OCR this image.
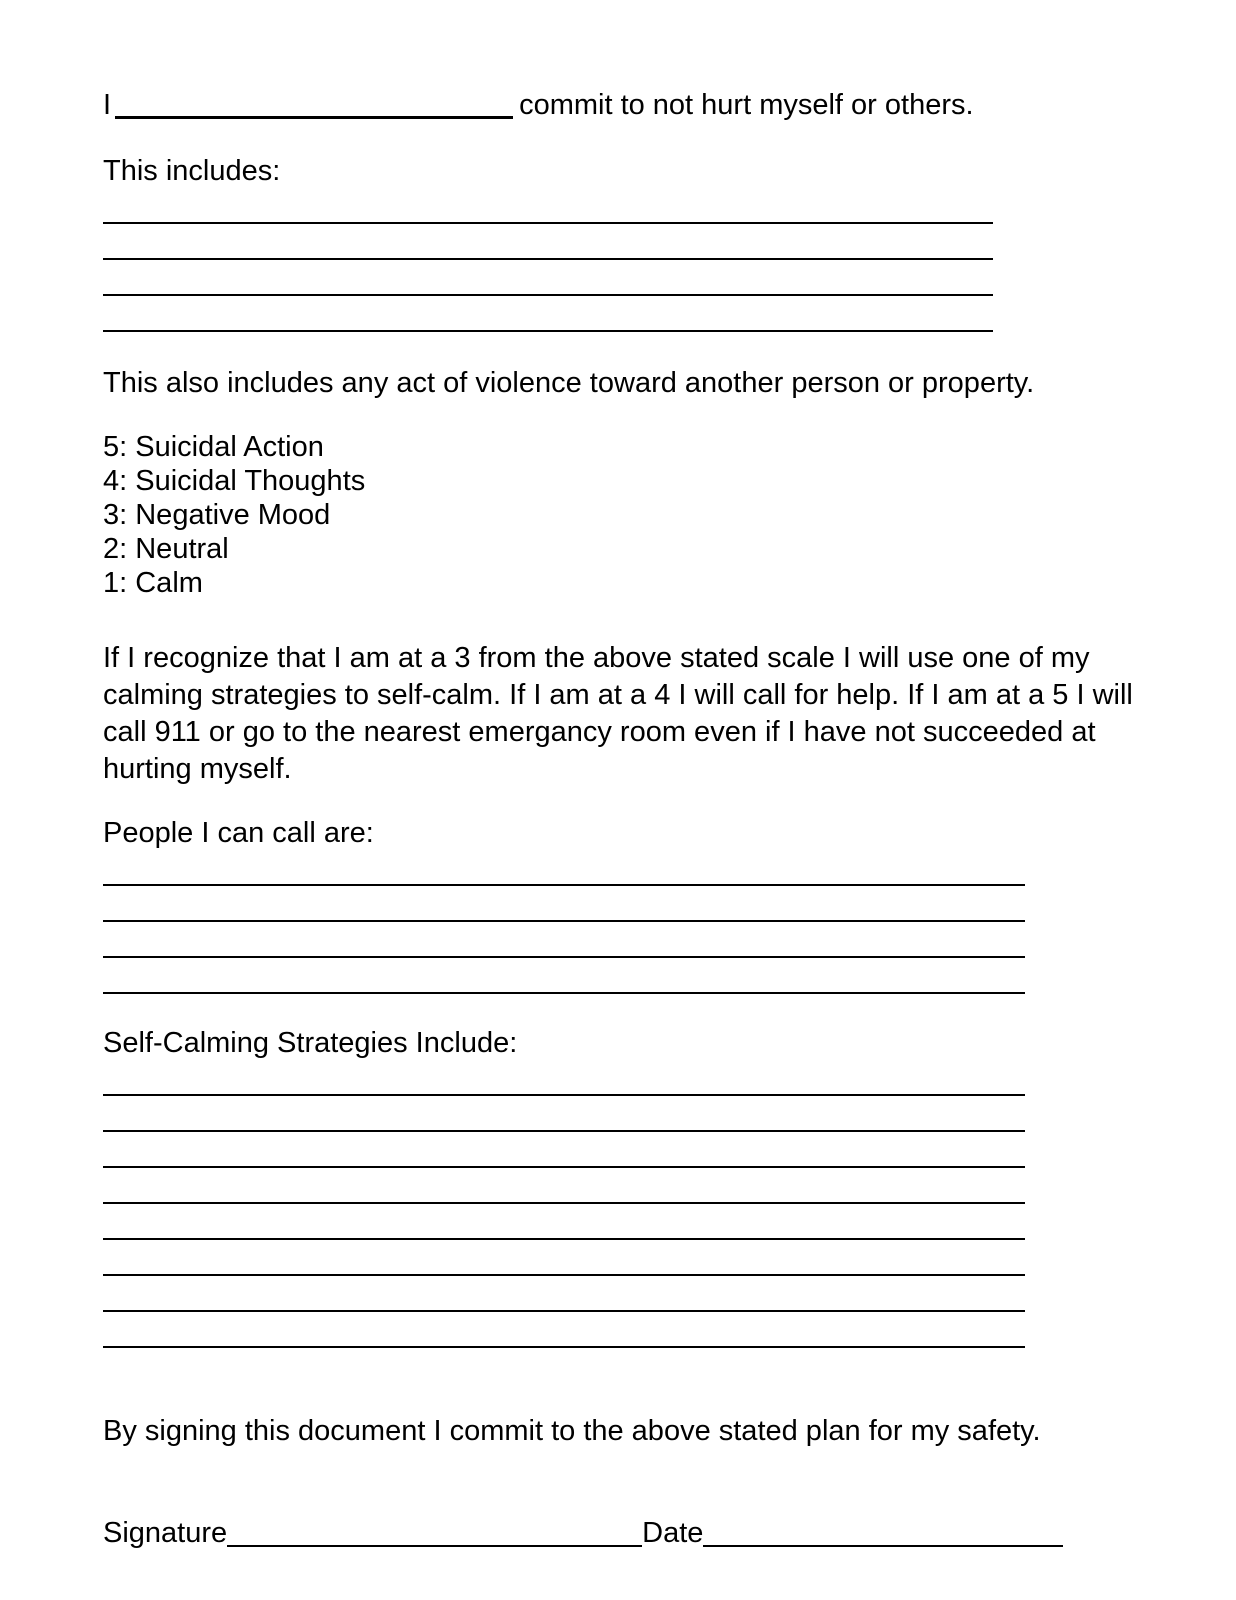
I	commit to not hurt myself or others.
This includes:
This also includes any act of violence toward another person or property.
5: Suicidal Action
4: Suicidal Thoughts
3: Negative Mood
2: Neutral
1: Calm
If I recognize that I am at a 3 from the above stated scale I will use one of my calming strategies to self-calm. If I am at a 4 I will call for help. If I am at a 5 I will call 911 or go to the nearest emergancy room even if I have not succeeded at hurting myself.
People I can call are:
Self-Calming Strategies Include:
By signing this document I commit to the above stated plan for my safety.
Signature	Date
